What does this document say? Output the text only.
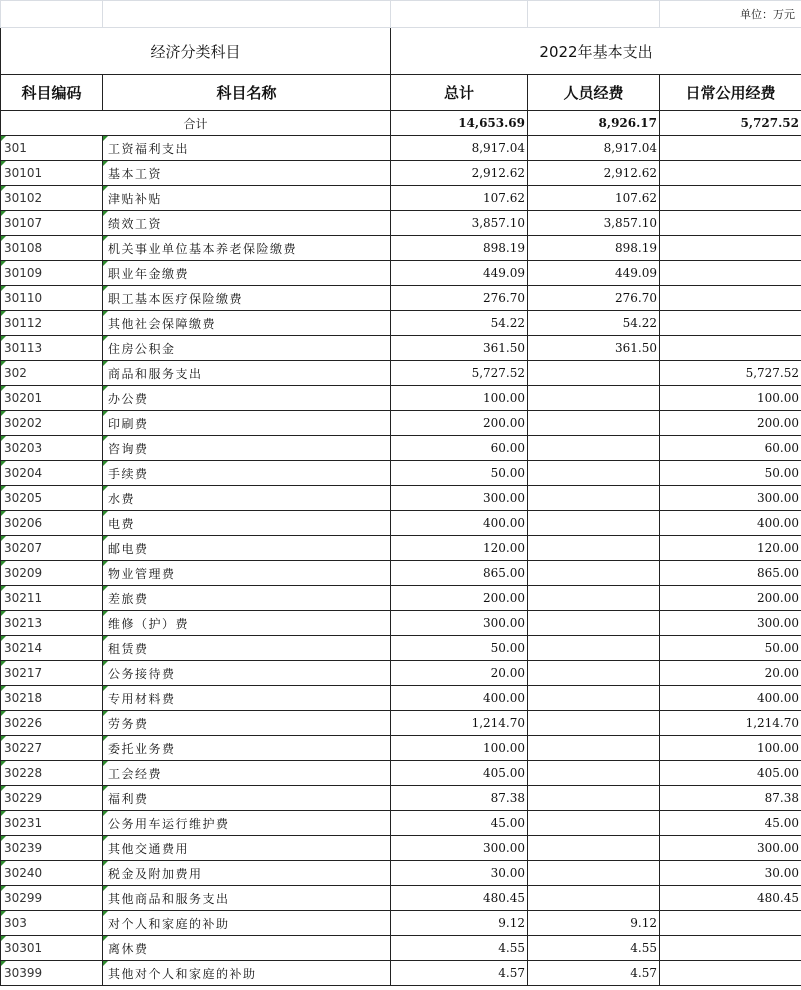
				单位：万元
经济分类科目		2022年基本支出		
科目编码	科目名称	总计	人员经费	日常公用经费
合计		14,653.69	8,926.17	5,727.52
301	工资福利支出	8,917.04	8,917.04	
30101	基本工资	2,912.62	2,912.62	
30102	津贴补贴	107.62	107.62	
30107	绩效工资	3,857.10	3,857.10	
30108	机关事业单位基本养老保险缴费	898.19	898.19	
30109	职业年金缴费	449.09	449.09	
30110	职工基本医疗保险缴费	276.70	276.70	
30112	其他社会保障缴费	54.22	54.22	
30113	住房公积金	361.50	361.50	
302	商品和服务支出	5,727.52		5,727.52
30201	办公费	100.00		100.00
30202	印刷费	200.00		200.00
30203	咨询费	60.00		60.00
30204	手续费	50.00		50.00
30205	水费	300.00		300.00
30206	电费	400.00		400.00
30207	邮电费	120.00		120.00
30209	物业管理费	865.00		865.00
30211	差旅费	200.00		200.00
30213	维修（护）费	300.00		300.00
30214	租赁费	50.00		50.00
30217	公务接待费	20.00		20.00
30218	专用材料费	400.00		400.00
30226	劳务费	1,214.70		1,214.70
30227	委托业务费	100.00		100.00
30228	工会经费	405.00		405.00
30229	福利费	87.38		87.38
30231	公务用车运行维护费	45.00		45.00
30239	其他交通费用	300.00		300.00
30240	税金及附加费用	30.00		30.00
30299	其他商品和服务支出	480.45		480.45
303	对个人和家庭的补助	9.12	9.12	
30301	离休费	4.55	4.55	
30399	其他对个人和家庭的补助	4.57	4.57	
